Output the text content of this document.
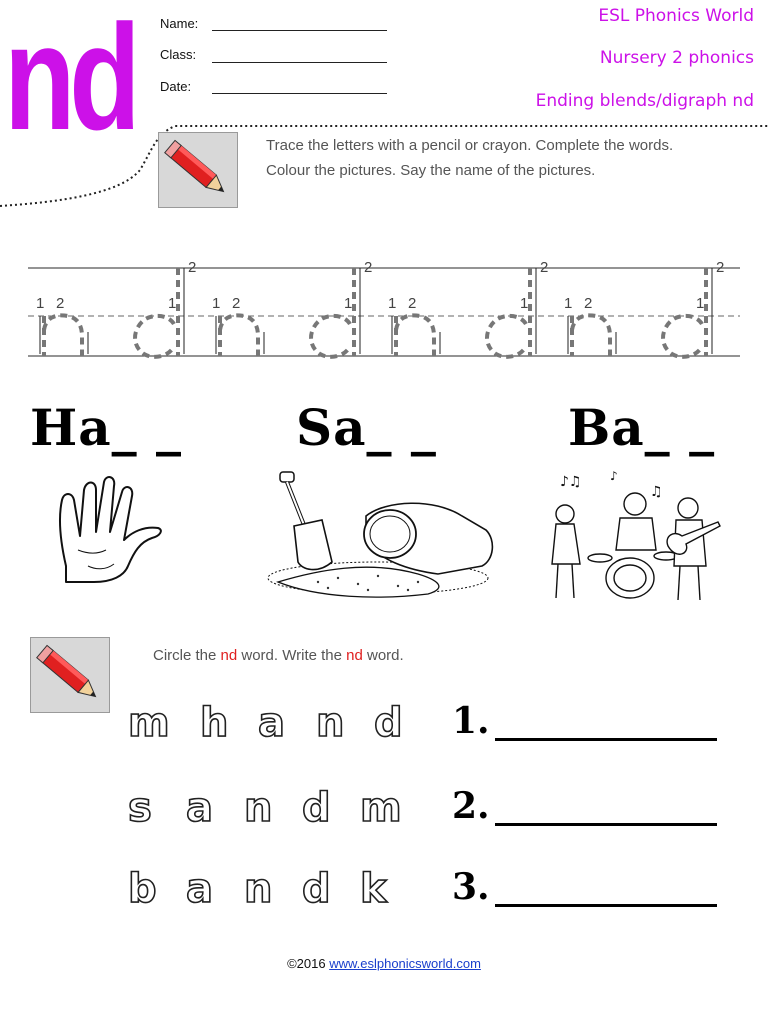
nd Name:
Class:
Date:
ESL Phonics World
Nursery 2 phonics
Ending blends/digraph nd
Trace the letters with a pencil or crayon. Complete the words. Colour the pictures. Say the name of the pictures.
1 2	1
2
1 2	1
2
1 2	1
2
1 2	1
2
Ha_ _ Sa_ _	Ba_ _
♪♫ ♪
♫
Circle the nd word. Write the nd word.
m h a n d 1.
s a n d m 2.
b a n d k 3.
©2016 www.eslphonicsworld.com
